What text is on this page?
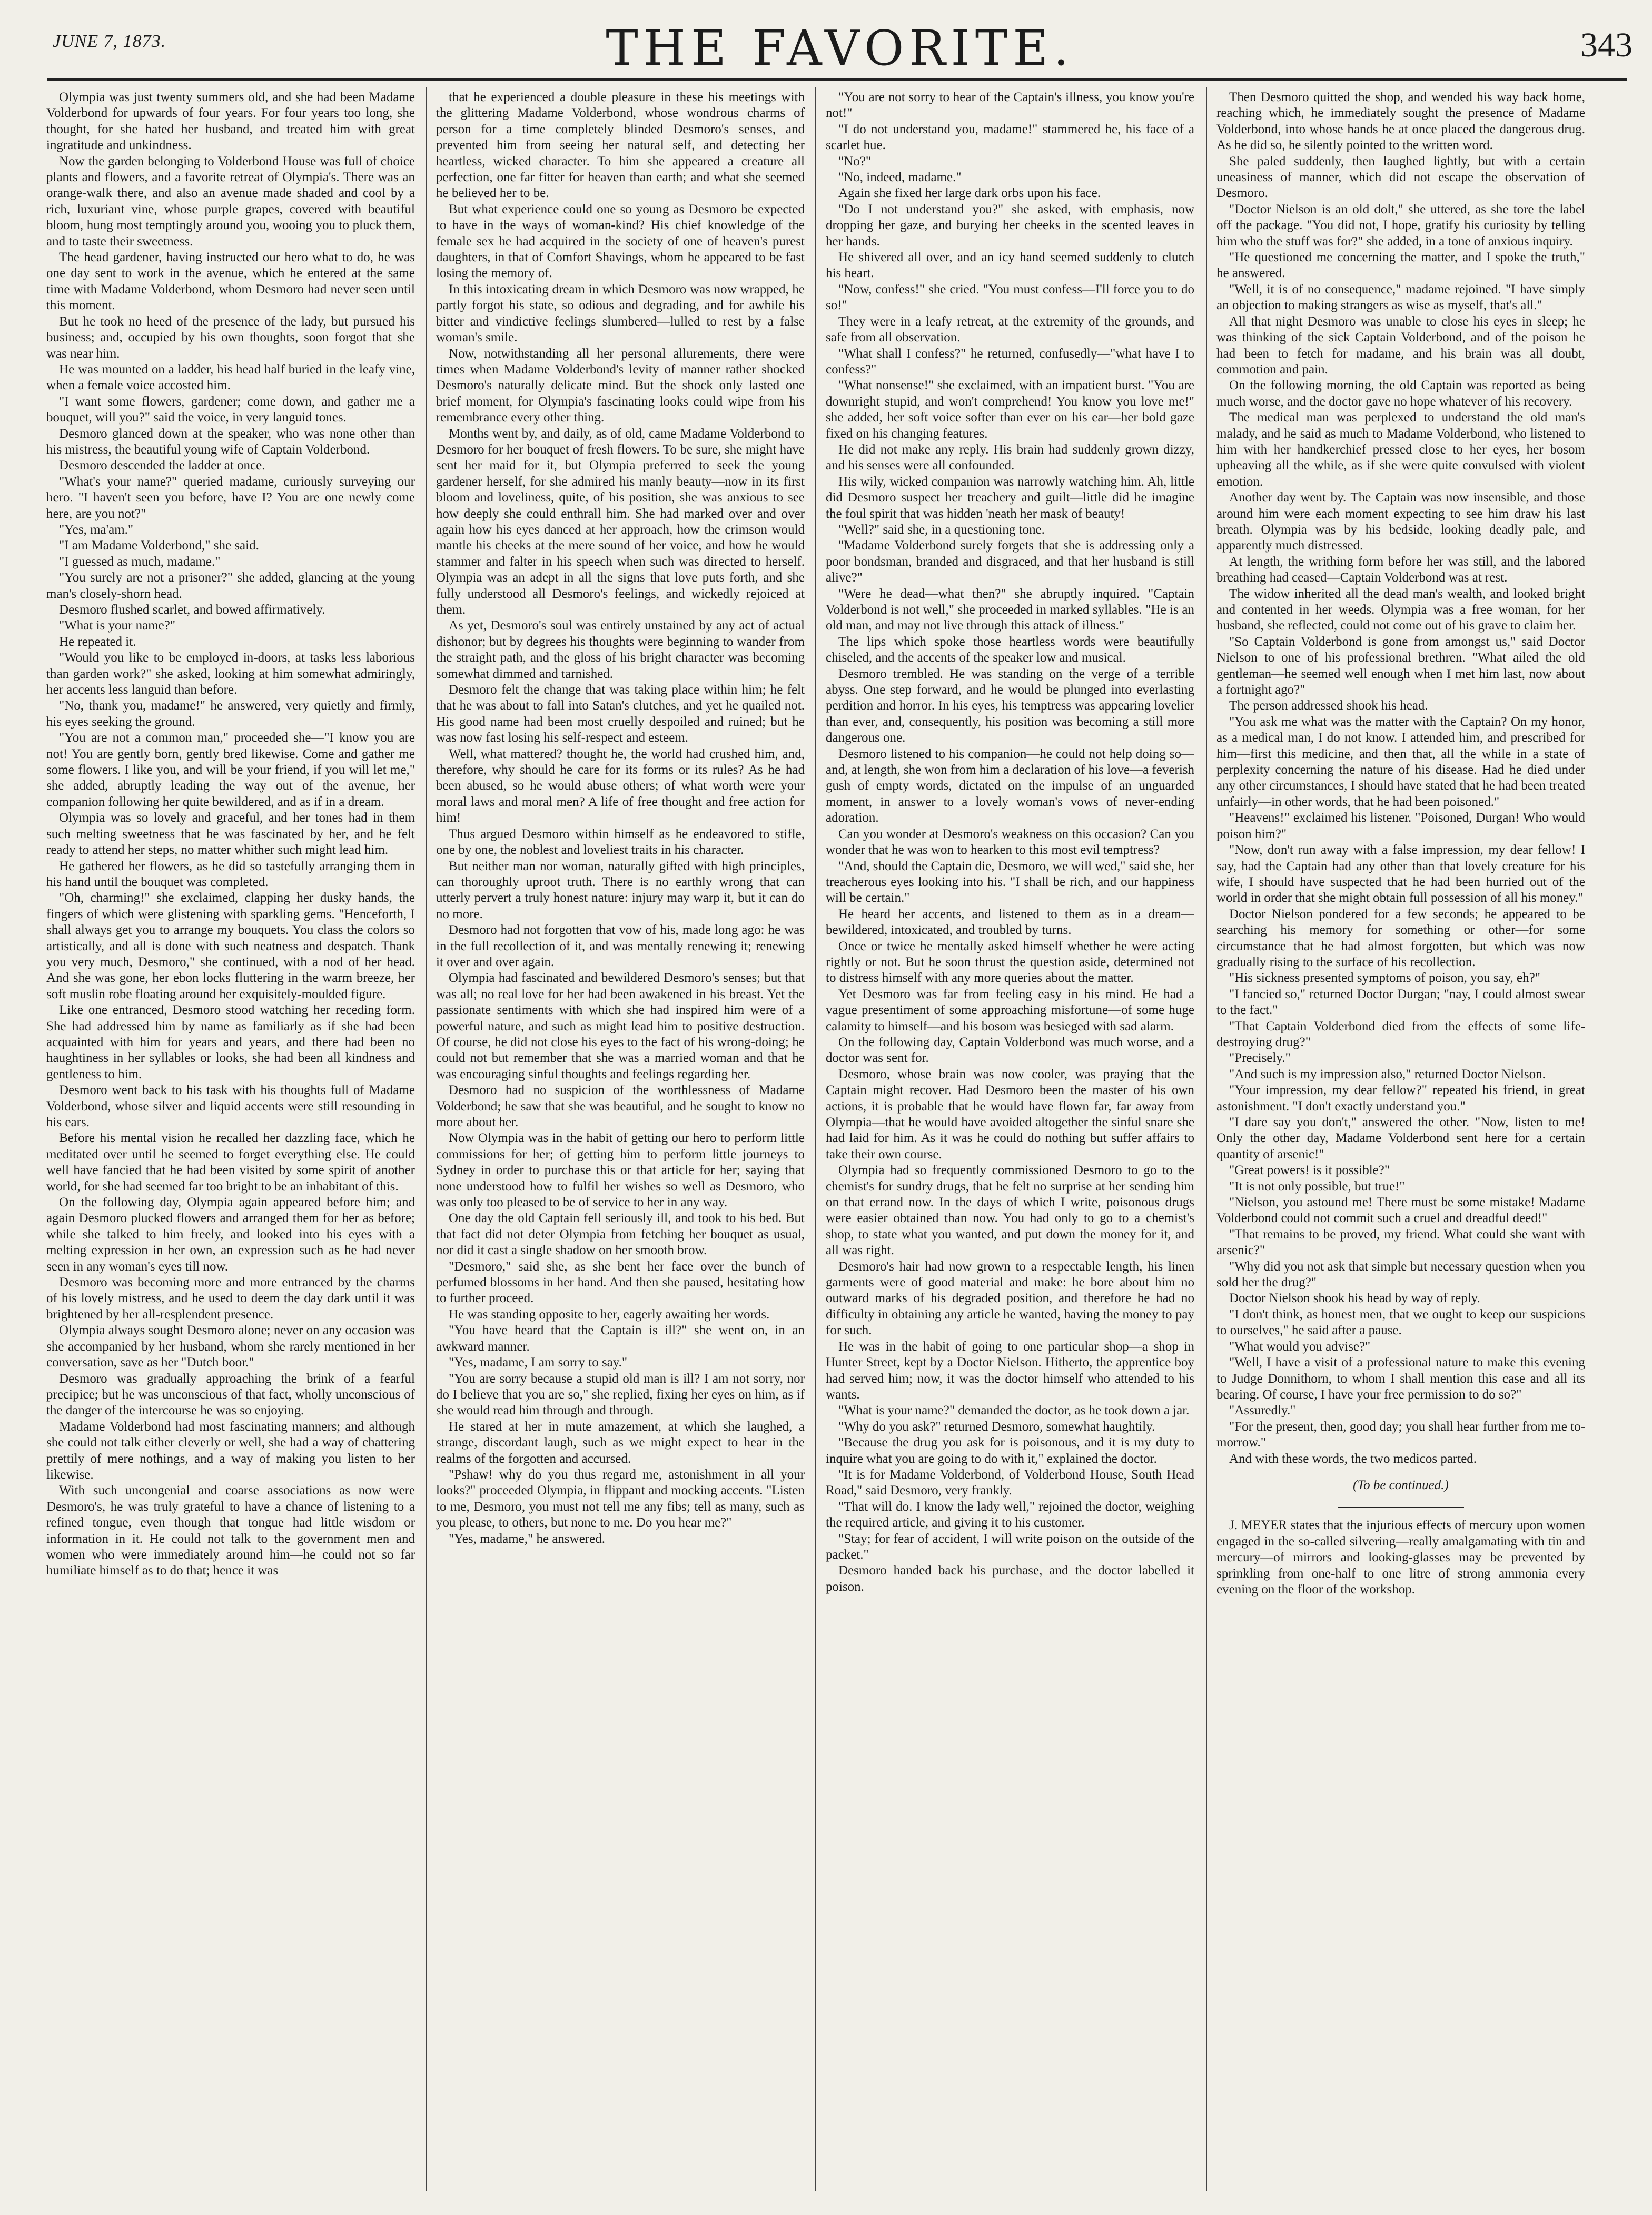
JUNE 7, 1873.	THE FAVORITE.	343

Olympia was just twenty summers old, and she had been Madame Volderbond for upwards of four years. For four years too long, she thought, for she hated her husband, and treated him with great ingratitude and unkindness.

Now the garden belonging to Volderbond House was full of choice plants and flowers, and a favorite retreat of Olympia's. There was an orange-walk there, and also an avenue made shaded and cool by a rich, luxuriant vine, whose purple grapes, covered with beautiful bloom, hung most temptingly around you, wooing you to pluck them, and to taste their sweetness.

The head gardener, having instructed our hero what to do, he was one day sent to work in the avenue, which he entered at the same time with Madame Volderbond, whom Desmoro had never seen until this moment.

But he took no heed of the presence of the lady, but pursued his business; and, occupied by his own thoughts, soon forgot that she was near him.

He was mounted on a ladder, his head half buried in the leafy vine, when a female voice accosted him.

"I want some flowers, gardener; come down, and gather me a bouquet, will you?" said the voice, in very languid tones.

Desmoro glanced down at the speaker, who was none other than his mistress, the beautiful young wife of Captain Volderbond.

Desmoro descended the ladder at once.

"What's your name?" queried madame, curiously surveying our hero. "I haven't seen you before, have I? You are one newly come here, are you not?"

"Yes, ma'am."

"I am Madame Volderbond," she said.

"I guessed as much, madame."

"You surely are not a prisoner?" she added, glancing at the young man's closely-shorn head.

Desmoro flushed scarlet, and bowed affirmatively.

"What is your name?"

He repeated it.

"Would you like to be employed in-doors, at tasks less laborious than garden work?" she asked, looking at him somewhat admiringly, her accents less languid than before.

"No, thank you, madame!" he answered, very quietly and firmly, his eyes seeking the ground.

"You are not a common man," proceeded she—"I know you are not! You are gently born, gently bred likewise. Come and gather me some flowers. I like you, and will be your friend, if you will let me," she added, abruptly leading the way out of the avenue, her companion following her quite bewildered, and as if in a dream.

Olympia was so lovely and graceful, and her tones had in them such melting sweetness that he was fascinated by her, and he felt ready to attend her steps, no matter whither such might lead him.

He gathered her flowers, as he did so tastefully arranging them in his hand until the bouquet was completed.

"Oh, charming!" she exclaimed, clapping her dusky hands, the fingers of which were glistening with sparkling gems. "Henceforth, I shall always get you to arrange my bouquets. You class the colors so artistically, and all is done with such neatness and despatch. Thank you very much, Desmoro," she continued, with a nod of her head. And she was gone, her ebon locks fluttering in the warm breeze, her soft muslin robe floating around her exquisitely-moulded figure.

Like one entranced, Desmoro stood watching her receding form. She had addressed him by name as familiarly as if she had been acquainted with him for years and years, and there had been no haughtiness in her syllables or looks, she had been all kindness and gentleness to him.

Desmoro went back to his task with his thoughts full of Madame Volderbond, whose silver and liquid accents were still resounding in his ears.

Before his mental vision he recalled her dazzling face, which he meditated over until he seemed to forget everything else. He could well have fancied that he had been visited by some spirit of another world, for she had seemed far too bright to be an inhabitant of this.

On the following day, Olympia again appeared before him; and again Desmoro plucked flowers and arranged them for her as before; while she talked to him freely, and looked into his eyes with a melting expression in her own, an expression such as he had never seen in any woman's eyes till now.

Desmoro was becoming more and more entranced by the charms of his lovely mistress, and he used to deem the day dark until it was brightened by her all-resplendent presence.

Olympia always sought Desmoro alone; never on any occasion was she accompanied by her husband, whom she rarely mentioned in her conversation, save as her "Dutch boor."

Desmoro was gradually approaching the brink of a fearful precipice; but he was unconscious of that fact, wholly unconscious of the danger of the intercourse he was so enjoying.

Madame Volderbond had most fascinating manners; and although she could not talk either cleverly or well, she had a way of chattering prettily of mere nothings, and a way of making you listen to her likewise.

With such uncongenial and coarse associations as now were Desmoro's, he was truly grateful to have a chance of listening to a refined tongue, even though that tongue had little wisdom or information in it. He could not talk to the government men and women who were immediately around him—he could not so far humiliate himself as to do that; hence it was

that he experienced a double pleasure in these his meetings with the glittering Madame Volderbond, whose wondrous charms of person for a time completely blinded Desmoro's senses, and prevented him from seeing her natural self, and detecting her heartless, wicked character. To him she appeared a creature all perfection, one far fitter for heaven than earth; and what she seemed he believed her to be.

But what experience could one so young as Desmoro be expected to have in the ways of woman-kind? His chief knowledge of the female sex he had acquired in the society of one of heaven's purest daughters, in that of Comfort Shavings, whom he appeared to be fast losing the memory of.

In this intoxicating dream in which Desmoro was now wrapped, he partly forgot his state, so odious and degrading, and for awhile his bitter and vindictive feelings slumbered—lulled to rest by a false woman's smile.

Now, notwithstanding all her personal allurements, there were times when Madame Volderbond's levity of manner rather shocked Desmoro's naturally delicate mind. But the shock only lasted one brief moment, for Olympia's fascinating looks could wipe from his remembrance every other thing.

Months went by, and daily, as of old, came Madame Volderbond to Desmoro for her bouquet of fresh flowers. To be sure, she might have sent her maid for it, but Olympia preferred to seek the young gardener herself, for she admired his manly beauty—now in its first bloom and loveliness, quite, of his position, she was anxious to see how deeply she could enthrall him. She had marked over and over again how his eyes danced at her approach, how the crimson would mantle his cheeks at the mere sound of her voice, and how he would stammer and falter in his speech when such was directed to herself. Olympia was an adept in all the signs that love puts forth, and she fully understood all Desmoro's feelings, and wickedly rejoiced at them.

As yet, Desmoro's soul was entirely unstained by any act of actual dishonor; but by degrees his thoughts were beginning to wander from the straight path, and the gloss of his bright character was becoming somewhat dimmed and tarnished.

Desmoro felt the change that was taking place within him; he felt that he was about to fall into Satan's clutches, and yet he quailed not. His good name had been most cruelly despoiled and ruined; but he was now fast losing his self-respect and esteem.

Well, what mattered? thought he, the world had crushed him, and, therefore, why should he care for its forms or its rules? As he had been abused, so he would abuse others; of what worth were your moral laws and moral men? A life of free thought and free action for him!

Thus argued Desmoro within himself as he endeavored to stifle, one by one, the noblest and loveliest traits in his character.

But neither man nor woman, naturally gifted with high principles, can thoroughly uproot truth. There is no earthly wrong that can utterly pervert a truly honest nature: injury may warp it, but it can do no more.

Desmoro had not forgotten that vow of his, made long ago: he was in the full recollection of it, and was mentally renewing it; renewing it over and over again.

Olympia had fascinated and bewildered Desmoro's senses; but that was all; no real love for her had been awakened in his breast. Yet the passionate sentiments with which she had inspired him were of a powerful nature, and such as might lead him to positive destruction. Of course, he did not close his eyes to the fact of his wrong-doing; he could not but remember that she was a married woman and that he was encouraging sinful thoughts and feelings regarding her.

Desmoro had no suspicion of the worthlessness of Madame Volderbond; he saw that she was beautiful, and he sought to know no more about her.

Now Olympia was in the habit of getting our hero to perform little commissions for her; of getting him to perform little journeys to Sydney in order to purchase this or that article for her; saying that none understood how to fulfil her wishes so well as Desmoro, who was only too pleased to be of service to her in any way.

One day the old Captain fell seriously ill, and took to his bed. But that fact did not deter Olympia from fetching her bouquet as usual, nor did it cast a single shadow on her smooth brow.

"Desmoro," said she, as she bent her face over the bunch of perfumed blossoms in her hand. And then she paused, hesitating how to further proceed.

He was standing opposite to her, eagerly awaiting her words.

"You have heard that the Captain is ill?" she went on, in an awkward manner.

"Yes, madame, I am sorry to say."

"You are sorry because a stupid old man is ill? I am not sorry, nor do I believe that you are so," she replied, fixing her eyes on him, as if she would read him through and through.

He stared at her in mute amazement, at which she laughed, a strange, discordant laugh, such as we might expect to hear in the realms of the forgotten and accursed.

"Pshaw! why do you thus regard me, astonishment in all your looks?" proceeded Olympia, in flippant and mocking accents. "Listen to me, Desmoro, you must not tell me any fibs; tell as many, such as you please, to others, but none to me. Do you hear me?"

"Yes, madame," he answered.

"You are not sorry to hear of the Captain's illness, you know you're not!"

"I do not understand you, madame!" stammered he, his face of a scarlet hue.

"No?"

"No, indeed, madame."

Again she fixed her large dark orbs upon his face.

"Do I not understand you?" she asked, with emphasis, now dropping her gaze, and burying her cheeks in the scented leaves in her hands.

He shivered all over, and an icy hand seemed suddenly to clutch his heart.

"Now, confess!" she cried. "You must confess—I'll force you to do so!"

They were in a leafy retreat, at the extremity of the grounds, and safe from all observation.

"What shall I confess?" he returned, confusedly—"what have I to confess?"

"What nonsense!" she exclaimed, with an impatient burst. "You are downright stupid, and won't comprehend! You know you love me!" she added, her soft voice softer than ever on his ear—her bold gaze fixed on his changing features.

He did not make any reply. His brain had suddenly grown dizzy, and his senses were all confounded.

His wily, wicked companion was narrowly watching him. Ah, little did Desmoro suspect her treachery and guilt—little did he imagine the foul spirit that was hidden 'neath her mask of beauty!

"Well?" said she, in a questioning tone.

"Madame Volderbond surely forgets that she is addressing only a poor bondsman, branded and disgraced, and that her husband is still alive?"

"Were he dead—what then?" she abruptly inquired. "Captain Volderbond is not well," she proceeded in marked syllables. "He is an old man, and may not live through this attack of illness."

The lips which spoke those heartless words were beautifully chiseled, and the accents of the speaker low and musical.

Desmoro trembled. He was standing on the verge of a terrible abyss. One step forward, and he would be plunged into everlasting perdition and horror. In his eyes, his temptress was appearing lovelier than ever, and, consequently, his position was becoming a still more dangerous one.

Desmoro listened to his companion—he could not help doing so—and, at length, she won from him a declaration of his love—a feverish gush of empty words, dictated on the impulse of an unguarded moment, in answer to a lovely woman's vows of never-ending adoration.

Can you wonder at Desmoro's weakness on this occasion? Can you wonder that he was won to hearken to this most evil temptress?

"And, should the Captain die, Desmoro, we will wed," said she, her treacherous eyes looking into his. "I shall be rich, and our happiness will be certain."

He heard her accents, and listened to them as in a dream—bewildered, intoxicated, and troubled by turns.

Once or twice he mentally asked himself whether he were acting rightly or not. But he soon thrust the question aside, determined not to distress himself with any more queries about the matter.

Yet Desmoro was far from feeling easy in his mind. He had a vague presentiment of some approaching misfortune—of some huge calamity to himself—and his bosom was besieged with sad alarm.

On the following day, Captain Volderbond was much worse, and a doctor was sent for.

Desmoro, whose brain was now cooler, was praying that the Captain might recover. Had Desmoro been the master of his own actions, it is probable that he would have flown far, far away from Olympia—that he would have avoided altogether the sinful snare she had laid for him. As it was he could do nothing but suffer affairs to take their own course.

Olympia had so frequently commissioned Desmoro to go to the chemist's for sundry drugs, that he felt no surprise at her sending him on that errand now. In the days of which I write, poisonous drugs were easier obtained than now. You had only to go to a chemist's shop, to state what you wanted, and put down the money for it, and all was right.

Desmoro's hair had now grown to a respectable length, his linen garments were of good material and make: he bore about him no outward marks of his degraded position, and therefore he had no difficulty in obtaining any article he wanted, having the money to pay for such.

He was in the habit of going to one particular shop—a shop in Hunter Street, kept by a Doctor Nielson. Hitherto, the apprentice boy had served him; now, it was the doctor himself who attended to his wants.

"What is your name?" demanded the doctor, as he took down a jar.

"Why do you ask?" returned Desmoro, somewhat haughtily.

"Because the drug you ask for is poisonous, and it is my duty to inquire what you are going to do with it," explained the doctor.

"It is for Madame Volderbond, of Volderbond House, South Head Road," said Desmoro, very frankly.

"That will do. I know the lady well," rejoined the doctor, weighing the required article, and giving it to his customer.

"Stay; for fear of accident, I will write poison on the outside of the packet."

Desmoro handed back his purchase, and the doctor labelled it poison.

Then Desmoro quitted the shop, and wended his way back home, reaching which, he immediately sought the presence of Madame Volderbond, into whose hands he at once placed the dangerous drug. As he did so, he silently pointed to the written word.

She paled suddenly, then laughed lightly, but with a certain uneasiness of manner, which did not escape the observation of Desmoro.

"Doctor Nielson is an old dolt," she uttered, as she tore the label off the package. "You did not, I hope, gratify his curiosity by telling him who the stuff was for?" she added, in a tone of anxious inquiry.

"He questioned me concerning the matter, and I spoke the truth," he answered.

"Well, it is of no consequence," madame rejoined. "I have simply an objection to making strangers as wise as myself, that's all."

All that night Desmoro was unable to close his eyes in sleep; he was thinking of the sick Captain Volderbond, and of the poison he had been to fetch for madame, and his brain was all doubt, commotion and pain.

On the following morning, the old Captain was reported as being much worse, and the doctor gave no hope whatever of his recovery.

The medical man was perplexed to understand the old man's malady, and he said as much to Madame Volderbond, who listened to him with her handkerchief pressed close to her eyes, her bosom upheaving all the while, as if she were quite convulsed with violent emotion.

Another day went by. The Captain was now insensible, and those around him were each moment expecting to see him draw his last breath. Olympia was by his bedside, looking deadly pale, and apparently much distressed.

At length, the writhing form before her was still, and the labored breathing had ceased—Captain Volderbond was at rest.

The widow inherited all the dead man's wealth, and looked bright and contented in her weeds. Olympia was a free woman, for her husband, she reflected, could not come out of his grave to claim her.

"So Captain Volderbond is gone from amongst us," said Doctor Nielson to one of his professional brethren. "What ailed the old gentleman—he seemed well enough when I met him last, now about a fortnight ago?"

The person addressed shook his head.

"You ask me what was the matter with the Captain? On my honor, as a medical man, I do not know. I attended him, and prescribed for him—first this medicine, and then that, all the while in a state of perplexity concerning the nature of his disease. Had he died under any other circumstances, I should have stated that he had been treated unfairly—in other words, that he had been poisoned."

"Heavens!" exclaimed his listener. "Poisoned, Durgan! Who would poison him?"

"Now, don't run away with a false impression, my dear fellow! I say, had the Captain had any other than that lovely creature for his wife, I should have suspected that he had been hurried out of the world in order that she might obtain full possession of all his money."

Doctor Nielson pondered for a few seconds; he appeared to be searching his memory for something or other—for some circumstance that he had almost forgotten, but which was now gradually rising to the surface of his recollection.

"His sickness presented symptoms of poison, you say, eh?"

"I fancied so," returned Doctor Durgan; "nay, I could almost swear to the fact."

"That Captain Volderbond died from the effects of some life-destroying drug?"

"Precisely."

"And such is my impression also," returned Doctor Nielson.

"Your impression, my dear fellow?" repeated his friend, in great astonishment. "I don't exactly understand you."

"I dare say you don't," answered the other. "Now, listen to me! Only the other day, Madame Volderbond sent here for a certain quantity of arsenic!"

"Great powers! is it possible?"

"It is not only possible, but true!"

"Nielson, you astound me! There must be some mistake! Madame Volderbond could not commit such a cruel and dreadful deed!"

"That remains to be proved, my friend. What could she want with arsenic?"

"Why did you not ask that simple but necessary question when you sold her the drug?"

Doctor Nielson shook his head by way of reply.

"I don't think, as honest men, that we ought to keep our suspicions to ourselves," he said after a pause.

"What would you advise?"

"Well, I have a visit of a professional nature to make this evening to Judge Donnithorn, to whom I shall mention this case and all its bearing. Of course, I have your free permission to do so?"

"Assuredly."

"For the present, then, good day; you shall hear further from me to-morrow."

And with these words, the two medicos parted.

(To be continued.)

J. MEYER states that the injurious effects of mercury upon women engaged in the so-called silvering—really amalgamating with tin and mercury—of mirrors and looking-glasses may be prevented by sprinkling from one-half to one litre of strong ammonia every evening on the floor of the workshop.
